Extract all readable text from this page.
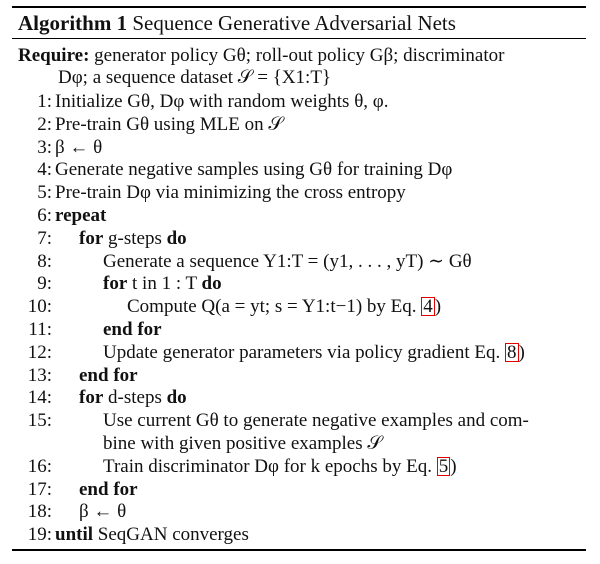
Algorithm 1 Sequence Generative Adversarial Nets
Require: generator policy Gθ; roll-out policy Gβ; discriminator
Dφ; a sequence dataset 𝒮 = {X1:T}
1: Initialize Gθ, Dφ with random weights θ, φ.
2: Pre-train Gθ using MLE on 𝒮
3: β ← θ
4: Generate negative samples using Gθ for training Dφ
5: Pre-train Dφ via minimizing the cross entropy
6: repeat
7: for g-steps do
8:	Generate a sequence Y1:T = (y1, . . . , yT) ∼ Gθ
9:	for t in 1 : T do
10:	Compute Q(a = yt; s = Y1:t−1) by Eq. 4 )
11:	end for
12:	Update generator parameters via policy gradient Eq. 8 )
13: end for
14: for d-steps do
15:	Use current Gθ to generate negative examples and com-
bine with given positive examples 𝒮
16:	Train discriminator Dφ for k epochs by Eq. 5 )
17: end for
18: β ← θ
19: until SeqGAN converges
